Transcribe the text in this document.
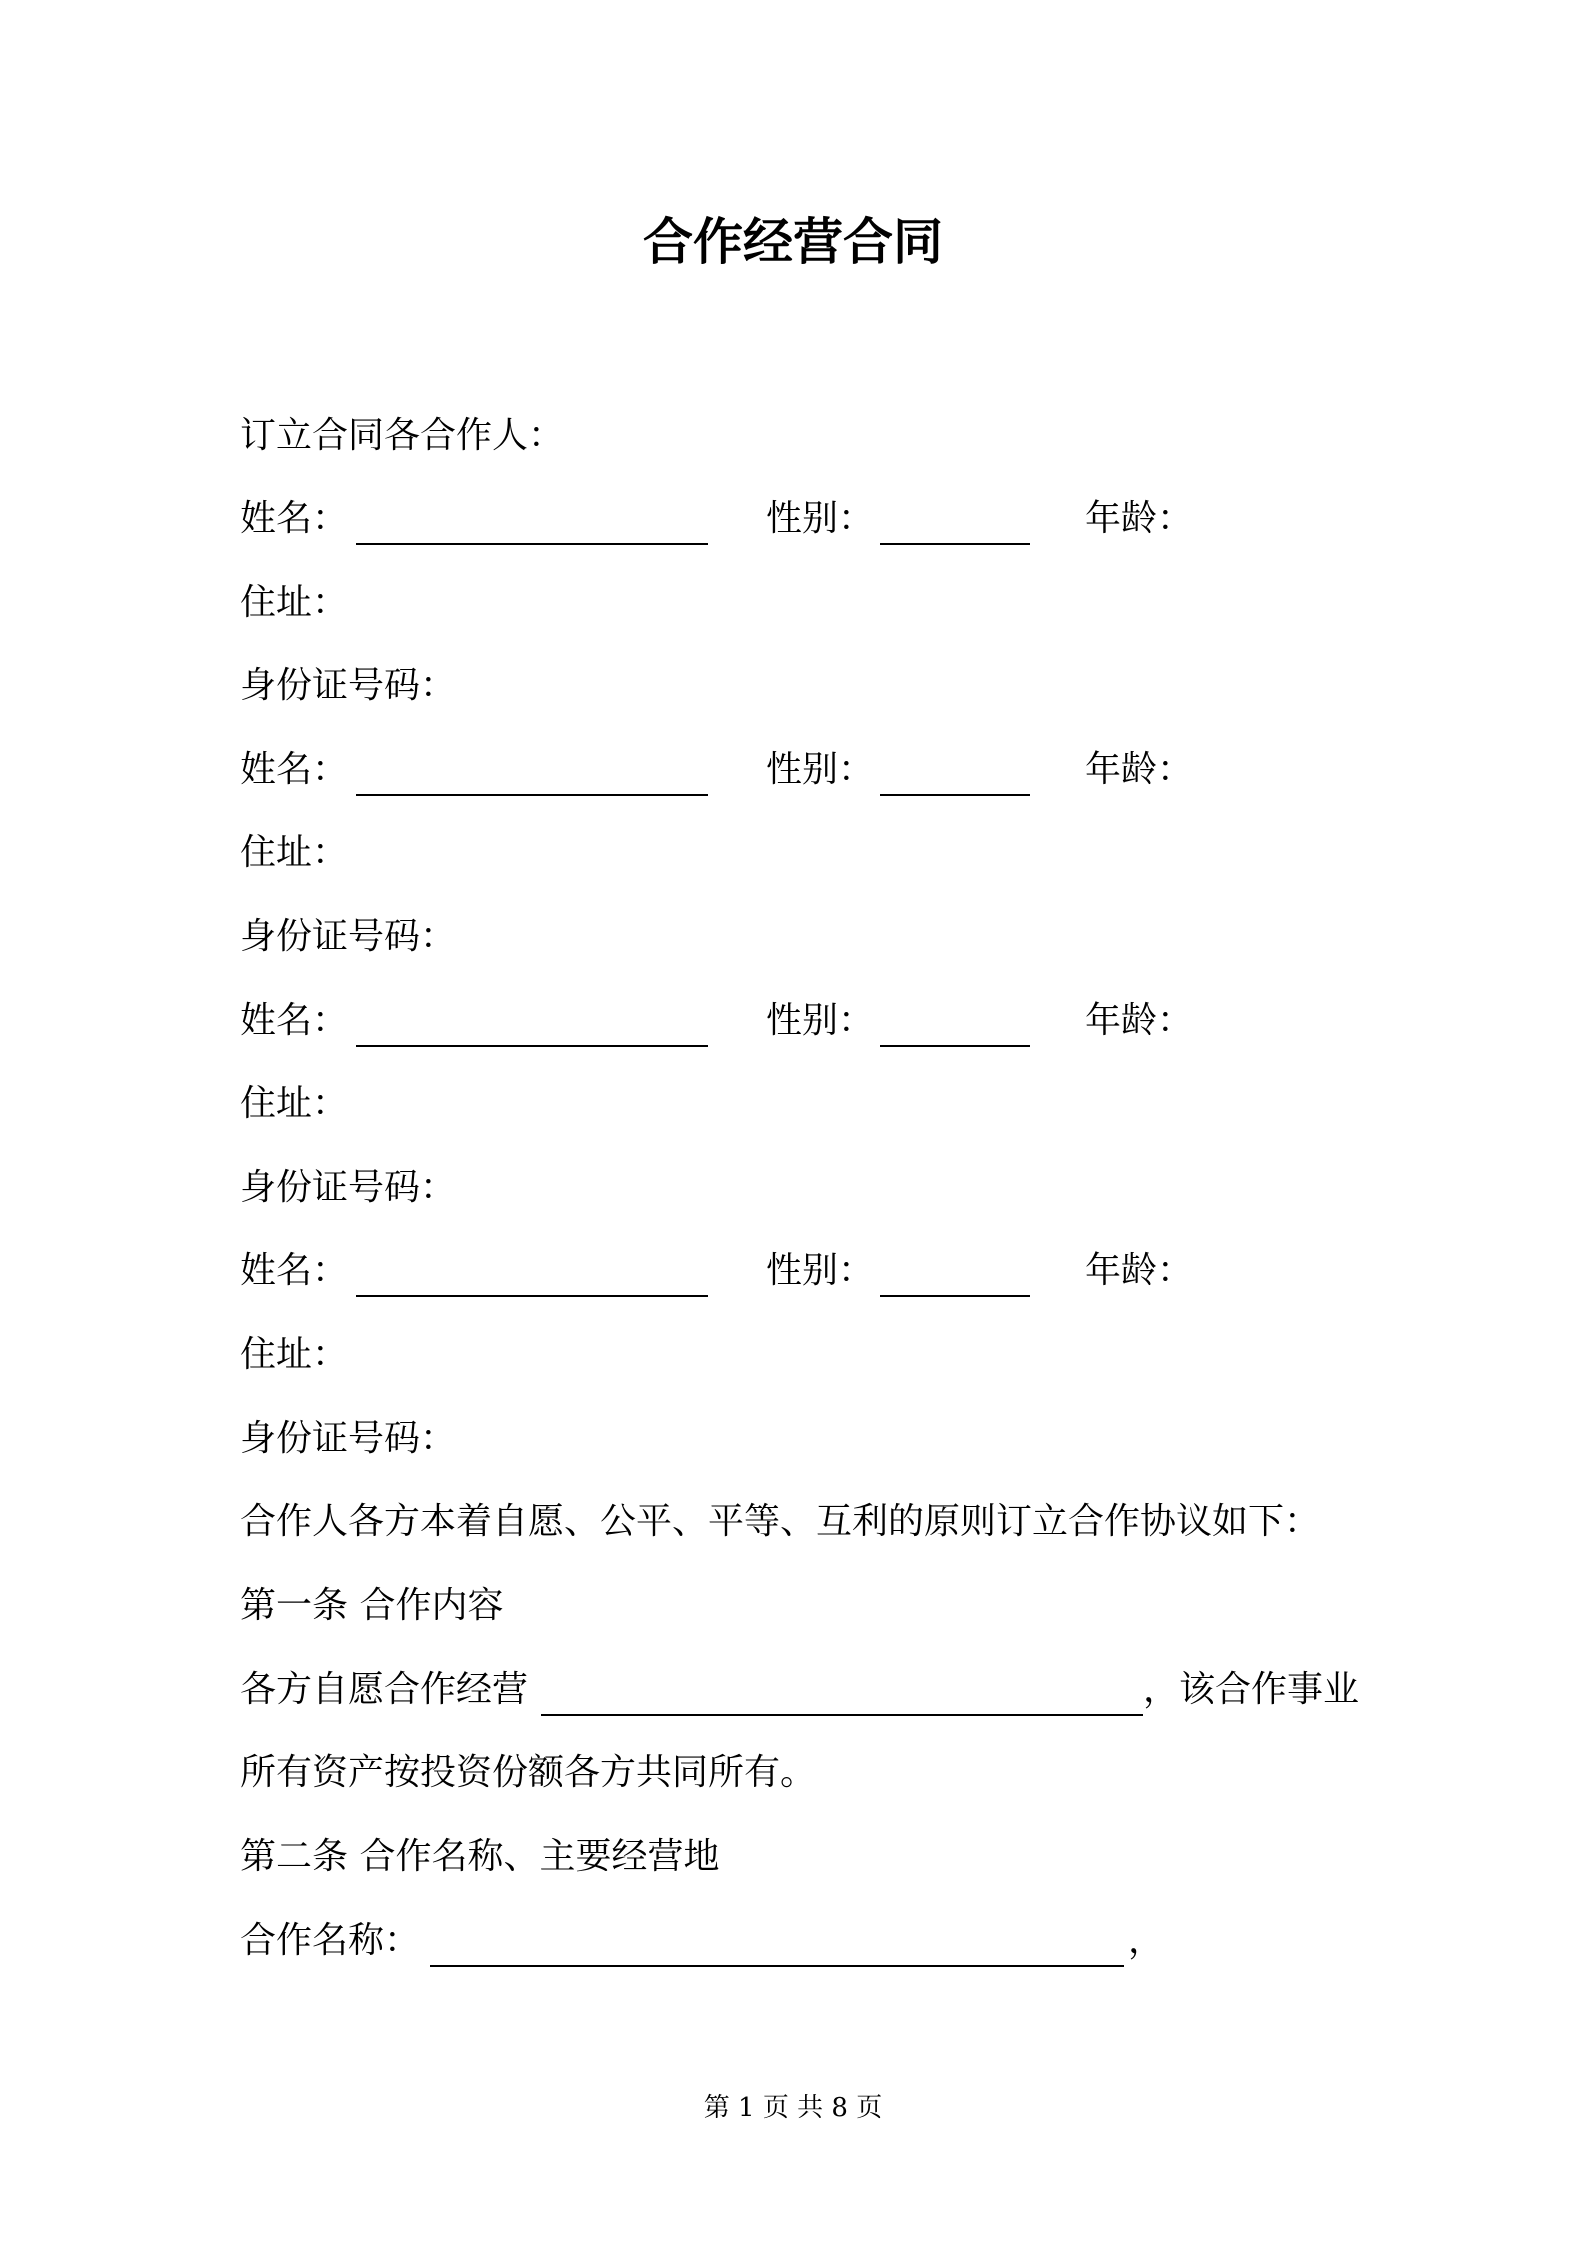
合作经营合同
订立合同各合作人：
姓名：	性别：	年龄：
住址：
身份证号码：
姓名：	性别：	年龄：
住址：
身份证号码：
姓名：	性别：	年龄：
住址：
身份证号码：
姓名：	性别：	年龄：
住址：
身份证号码：
合作人各方本着自愿、公平、平等、互利的原则订立合作协议如下：
第一条 合作内容
各方自愿合作经营	，该合作事业
所有资产按投资份额各方共同所有。
第二条 合作名称、主要经营地
合作名称：	，
第 1 页 共 8 页
